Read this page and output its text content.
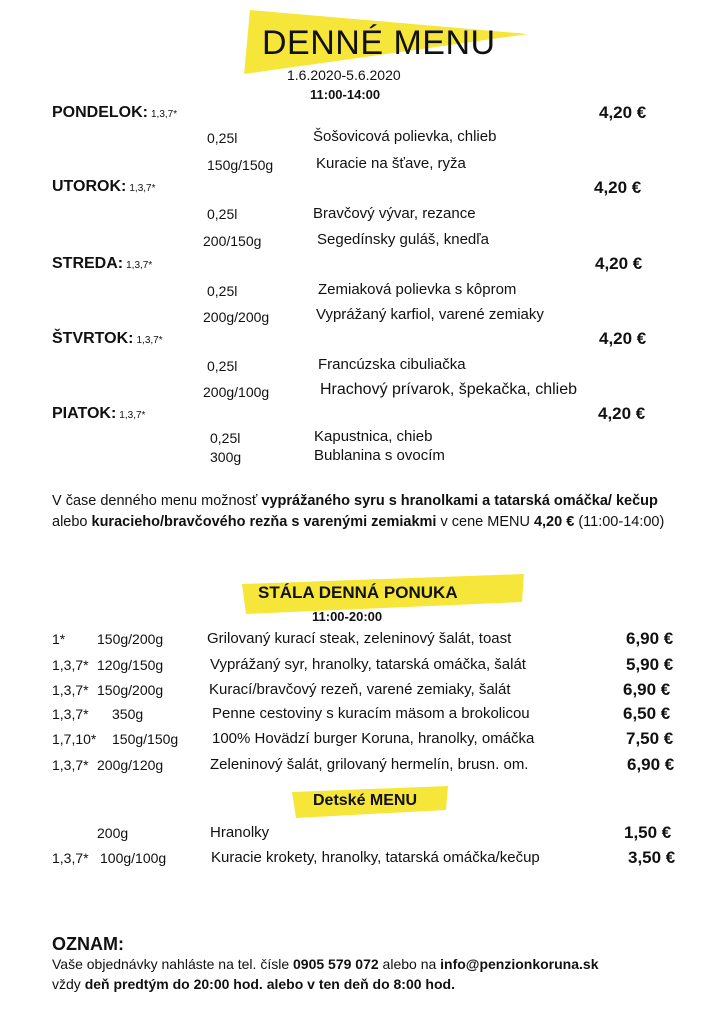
DENNÉ MENU
1.6.2020-5.6.2020
11:00-14:00
PONDELOK: 1,3,7*	4,20 €
0,25l	Šošovicová polievka, chlieb
150g/150g	Kuracie na šťave, ryža
UTOROK: 1,3,7*	4,20 €
0,25l	Bravčový vývar, rezance
200/150g	Segedínsky guláš, knedľa
STREDA: 1,3,7*	4,20 €
0,25l	Zemiaková polievka s kôprom
200g/200g	Vyprážaný karfiol, varené zemiaky
ŠTVRTOK: 1,3,7*	4,20 €
0,25l	Francúzska cibuliačka
200g/100g	Hrachový prívarok, špekačka, chlieb
PIATOK: 1,3,7*	4,20 €
0,25l	Kapustnica, chieb
300g	Bublanina s ovocím
V čase denného menu možnosť vyprážaného syru s hranolkami a tatarská omáčka/ kečup alebo kuracieho/bravčového rezňa s varenými zemiakmi v cene MENU 4,20 € (11:00-14:00)
STÁLA DENNÁ PONUKA
11:00-20:00
1* 150g/200g	Grilovaný kurací steak, zeleninový šalát, toast	6,90 €
1,3,7* 120g/150g	Vyprážaný syr, hranolky, tatarská omáčka, šalát	5,90 €
1,3,7* 150g/200g	Kurací/bravčový rezeň, varené zemiaky, šalát	6,90 €
1,3,7* 350g	Penne cestoviny s kuracím mäsom a brokolicou	6,50 €
1,7,10* 150g/150g 100% Hovädzí burger Koruna, hranolky, omáčka	7,50 €
1,3,7* 200g/120g	Zeleninový šalát, grilovaný hermelín, brusn. om.	6,90 €
Detské MENU
200g	Hranolky	1,50 €
1,3,7* 100g/100g	Kuracie krokety, hranolky, tatarská omáčka/kečup	3,50 €
OZNAM:
Vaše objednávky nahláste na tel. čísle 0905 579 072 alebo na info@penzionkoruna.sk
vždy deň predtým do 20:00 hod. alebo v ten deň do 8:00 hod.
